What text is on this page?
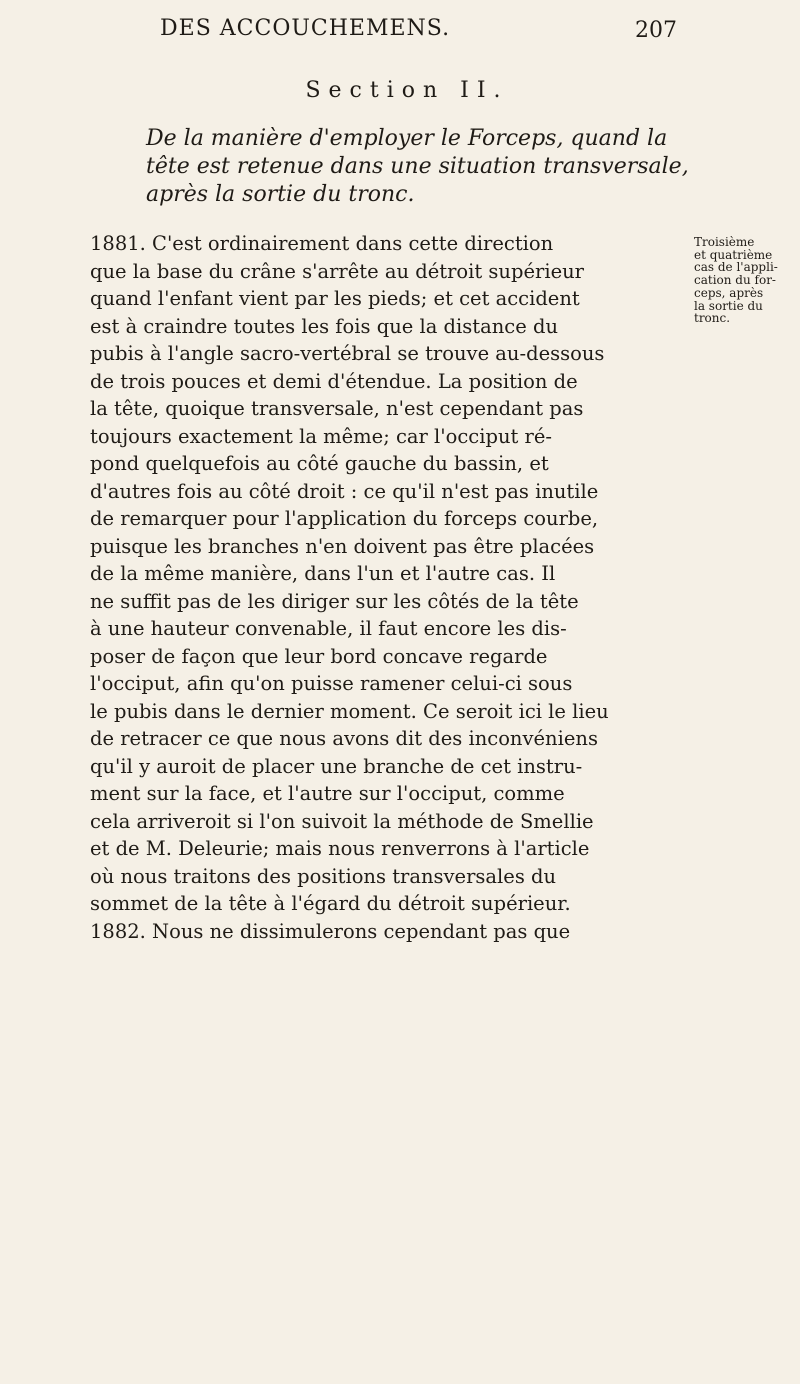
DES ACCOUCHEMENS.	207
Section II.

De la manière d'employer le Forceps, quand la
tête est retenue dans une situation transversale,
après la sortie du tronc.

1881. C'est ordinairement dans cette direction
que la base du crâne s'arrête au détroit supérieur
quand l'enfant vient par les pieds; et cet accident
est à craindre toutes les fois que la distance du
pubis à l'angle sacro-vertébral se trouve au-dessous
de trois pouces et demi d'étendue. La position de
la tête, quoique transversale, n'est cependant pas
toujours exactement la même; car l'occiput ré-
pond quelquefois au côté gauche du bassin, et
d'autres fois au côté droit : ce qu'il n'est pas inutile
de remarquer pour l'application du forceps courbe,
puisque les branches n'en doivent pas être placées
de la même manière, dans l'un et l'autre cas. Il
ne suffit pas de les diriger sur les côtés de la tête
à une hauteur convenable, il faut encore les dis-
poser de façon que leur bord concave regarde
l'occiput, afin qu'on puisse ramener celui-ci sous
le pubis dans le dernier moment. Ce seroit ici le lieu
de retracer ce que nous avons dit des inconvéniens
qu'il y auroit de placer une branche de cet instru-
ment sur la face, et l'autre sur l'occiput, comme
cela arriveroit si l'on suivoit la méthode de Smellie
et de M. Deleurie; mais nous renverrons à l'article
où nous traitons des positions transversales du
sommet de la tête à l'égard du détroit supérieur.
1882. Nous ne dissimulerons cependant pas que

Troisième
et quatrième
cas de l'appli-
cation du for-
ceps, après
la sortie du
tronc.
